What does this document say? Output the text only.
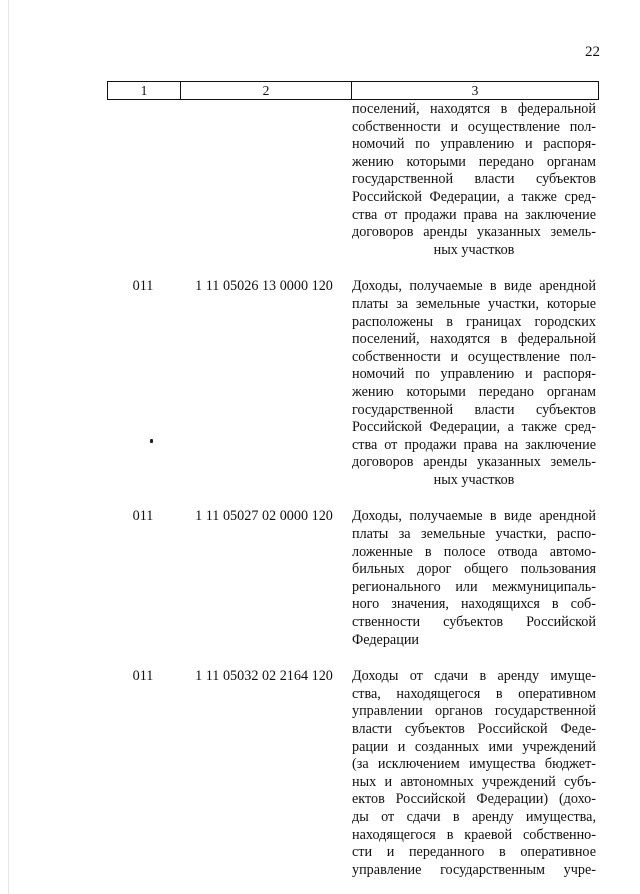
22
1	2	3
поселений, находятся в федеральной
собственности и осуществление пол-
номочий по управлению и распоря-
жению которыми передано органам
государственной власти субъектов
Российской Федерации, а также сред-
ства от продажи права на заключение
договоров аренды указанных земель-
ных участков
011	1 11 05026 13 0000 120	Доходы, получаемые в виде арендной
платы за земельные участки, которые
расположены в границах городских
поселений, находятся в федеральной
собственности и осуществление пол-
номочий по управлению и распоря-
жению которыми передано органам
государственной власти субъектов
Российской Федерации, а также сред-
ства от продажи права на заключение
договоров аренды указанных земель-
ных участков
011	1 11 05027 02 0000 120	Доходы, получаемые в виде арендной
платы за земельные участки, распо-
ложенные в полосе отвода автомо-
бильных дорог общего пользования
регионального или межмуниципаль-
ного значения, находящихся в соб-
ственности субъектов Российской
Федерации
011	1 11 05032 02 2164 120	Доходы от сдачи в аренду имуще-
ства, находящегося в оперативном
управлении органов государственной
власти субъектов Российской Феде-
рации и созданных ими учреждений
(за исключением имущества бюджет-
ных и автономных учреждений субъ-
ектов Российской Федерации) (дохо-
ды от сдачи в аренду имущества,
находящегося в краевой собственно-
сти и переданного в оперативное
управление государственным учре-
